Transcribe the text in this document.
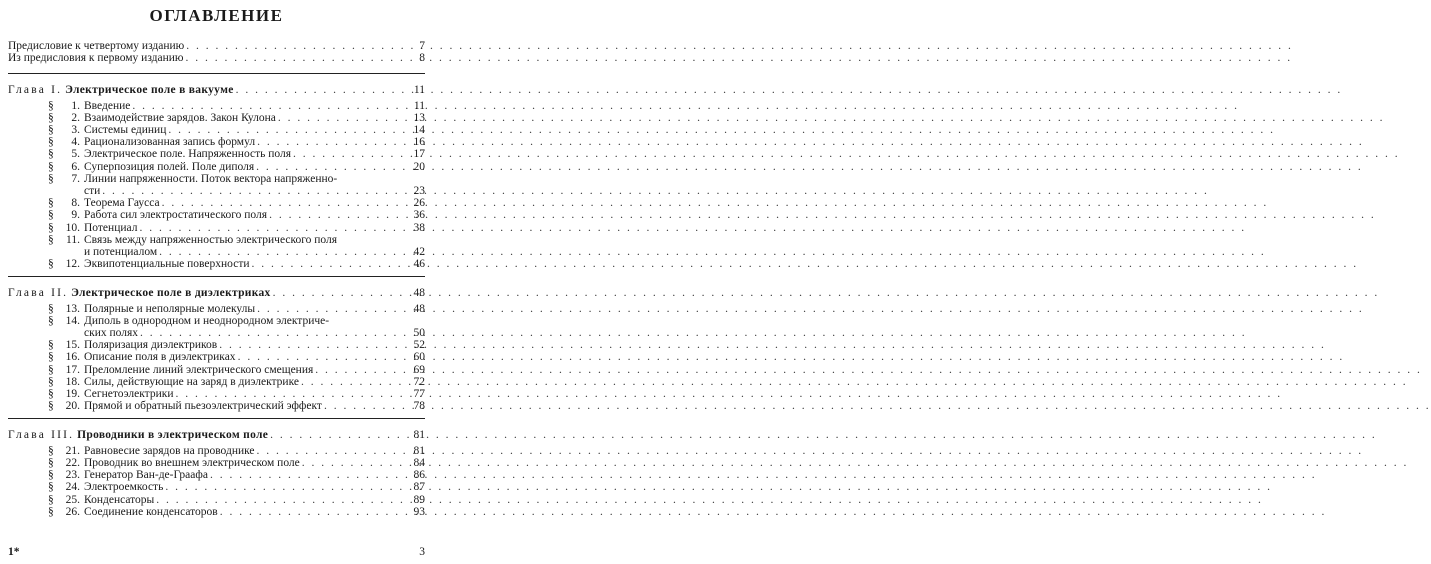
ОГЛАВЛЕНИЕ
Предисловие к четвертому изданию . . .	7
Из предисловия к первому изданию . . .	8
Глава I. Электрическое поле в вакууме . . .	11
§ 1. Введение . . .	11
§ 2. Взаимодействие зарядов. Закон Кулона . . .	13
§ 3. Системы единиц . . .	14
§ 4. Рационализованная запись формул . . .	16
§ 5. Электрическое поле. Напряженность поля . . .	17
§ 6. Суперпозиция полей. Поле диполя . . .	20
§ 7. Линии напряженности. Поток вектора напряженно-
сти . . .	23
§ 8. Теорема Гаусса . . .	26
§ 9. Работа сил электростатического поля . . .	36
§ 10. Потенциал . . .	38
§ 11. Связь между напряженностью электрического поля
и потенциалом . . .	42
§ 12. Эквипотенциальные поверхности . . .	46
Глава II. Электрическое поле в диэлектриках . . .	48
§ 13. Полярные и неполярные молекулы . . .	48
§ 14. Диполь в однородном и неоднородном электриче-
ских полях . . .	50
§ 15. Поляризация диэлектриков . . .	52
§ 16. Описание поля в диэлектриках . . .	60
§ 17. Преломление линий электрического смещения . . .	69
§ 18. Силы, действующие на заряд в диэлектрике . . .	72
§ 19. Сегнетоэлектрики . . .	77
§ 20. Прямой и обратный пьезоэлектрический эффект . . .	78
Глава III. Проводники в электрическом поле . . .	81
§ 21. Равновесие зарядов на проводнике . . .	81
§ 22. Проводник во внешнем электрическом поле . . .	84
§ 23. Генератор Ван-де-Граафа . . .	86
§ 24. Электроемкость . . .	87
§ 25. Конденсаторы . . .	89
§ 26. Соединение конденсаторов . . .	93
1*	3
